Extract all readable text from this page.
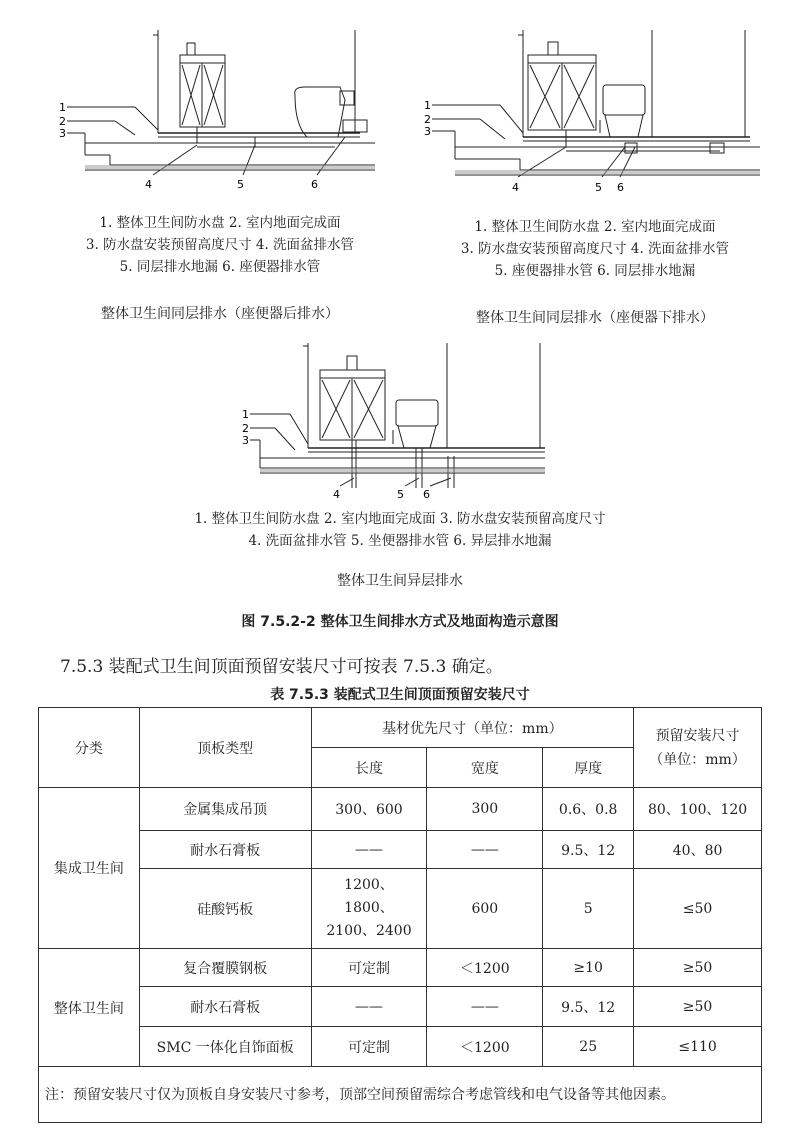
1
2
3
4	5	6
1. 整体卫生间防水盘 2. 室内地面完成面
3. 防水盘安装预留高度尺寸 4. 洗面盆排水管
5. 同层排水地漏 6. 座便器排水管
整体卫生间同层排水（座便器后排水）
1
2
3
4	5 6
1. 整体卫生间防水盘 2. 室内地面完成面
3. 防水盘安装预留高度尺寸 4. 洗面盆排水管
5. 座便器排水管 6. 同层排水地漏
整体卫生间同层排水（座便器下排水）
1
2
3
4	5 6
1. 整体卫生间防水盘 2. 室内地面完成面 3. 防水盘安装预留高度尺寸
4. 洗面盆排水管 5. 坐便器排水管 6. 异层排水地漏
整体卫生间异层排水
图 7.5.2-2 整体卫生间排水方式及地面构造示意图
7.5.3 装配式卫生间顶面预留安装尺寸可按表 7.5.3 确定。
表 7.5.3 装配式卫生间顶面预留安装尺寸
分类	顶板类型	基材优先尺寸（单位：mm）			预留安装尺寸
（单位：mm）

		长度	宽度	厚度	
集成卫生间	金属集成吊顶	300、600	300	0.6、0.8	80、100、120
	耐水石膏板	——	——	9.5、12	40、80
	硅酸钙板	1200、
1800、
2100、2400	600	5	≤50
整体卫生间	复合覆膜钢板	可定制	＜1200	≥10	≥50
	耐水石膏板	——	——	9.5、12	≥50
	SMC 一体化自饰面板	可定制	＜1200	25	≤110
注：预留安装尺寸仅为顶板自身安装尺寸参考，顶部空间预留需综合考虑管线和电气设备等其他因素。					
